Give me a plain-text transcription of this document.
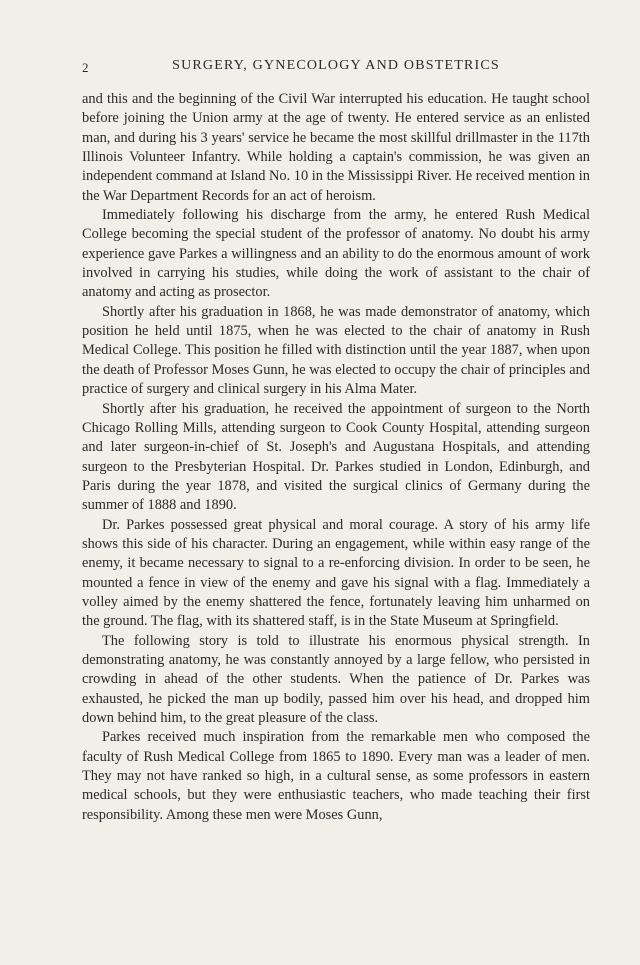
2	SURGERY, GYNECOLOGY AND OBSTETRICS

and this and the beginning of the Civil War interrupted his education. He taught school before joining the Union army at the age of twenty. He entered service as an enlisted man, and during his 3 years' service he became the most skillful drillmaster in the 117th Illinois Volunteer Infantry. While holding a captain's commission, he was given an independent command at Island No. 10 in the Mississippi River. He received mention in the War Department Records for an act of heroism.

Immediately following his discharge from the army, he entered Rush Medical College becoming the special student of the professor of anatomy. No doubt his army experience gave Parkes a willingness and an ability to do the enormous amount of work involved in carrying his studies, while doing the work of assistant to the chair of anatomy and acting as prosector.

Shortly after his graduation in 1868, he was made demonstrator of anatomy, which position he held until 1875, when he was elected to the chair of anatomy in Rush Medical College. This position he filled with distinction until the year 1887, when upon the death of Professor Moses Gunn, he was elected to occupy the chair of principles and practice of surgery and clinical surgery in his Alma Mater.

Shortly after his graduation, he received the appointment of surgeon to the North Chicago Rolling Mills, attending surgeon to Cook County Hospital, attending surgeon and later surgeon-in-chief of St. Joseph's and Augustana Hospitals, and attending surgeon to the Presbyterian Hospital. Dr. Parkes studied in London, Edinburgh, and Paris during the year 1878, and visited the surgical clinics of Germany during the summer of 1888 and 1890.

Dr. Parkes possessed great physical and moral courage. A story of his army life shows this side of his character. During an engagement, while within easy range of the enemy, it became necessary to signal to a re-enforcing division. In order to be seen, he mounted a fence in view of the enemy and gave his signal with a flag. Immediately a volley aimed by the enemy shattered the fence, fortunately leaving him unharmed on the ground. The flag, with its shattered staff, is in the State Museum at Springfield.

The following story is told to illustrate his enormous physical strength. In demonstrating anatomy, he was constantly annoyed by a large fellow, who persisted in crowding in ahead of the other students. When the patience of Dr. Parkes was exhausted, he picked the man up bodily, passed him over his head, and dropped him down behind him, to the great pleasure of the class.

Parkes received much inspiration from the remarkable men who composed the faculty of Rush Medical College from 1865 to 1890. Every man was a leader of men. They may not have ranked so high, in a cultural sense, as some professors in eastern medical schools, but they were enthusiastic teachers, who made teaching their first responsibility. Among these men were Moses Gunn,
